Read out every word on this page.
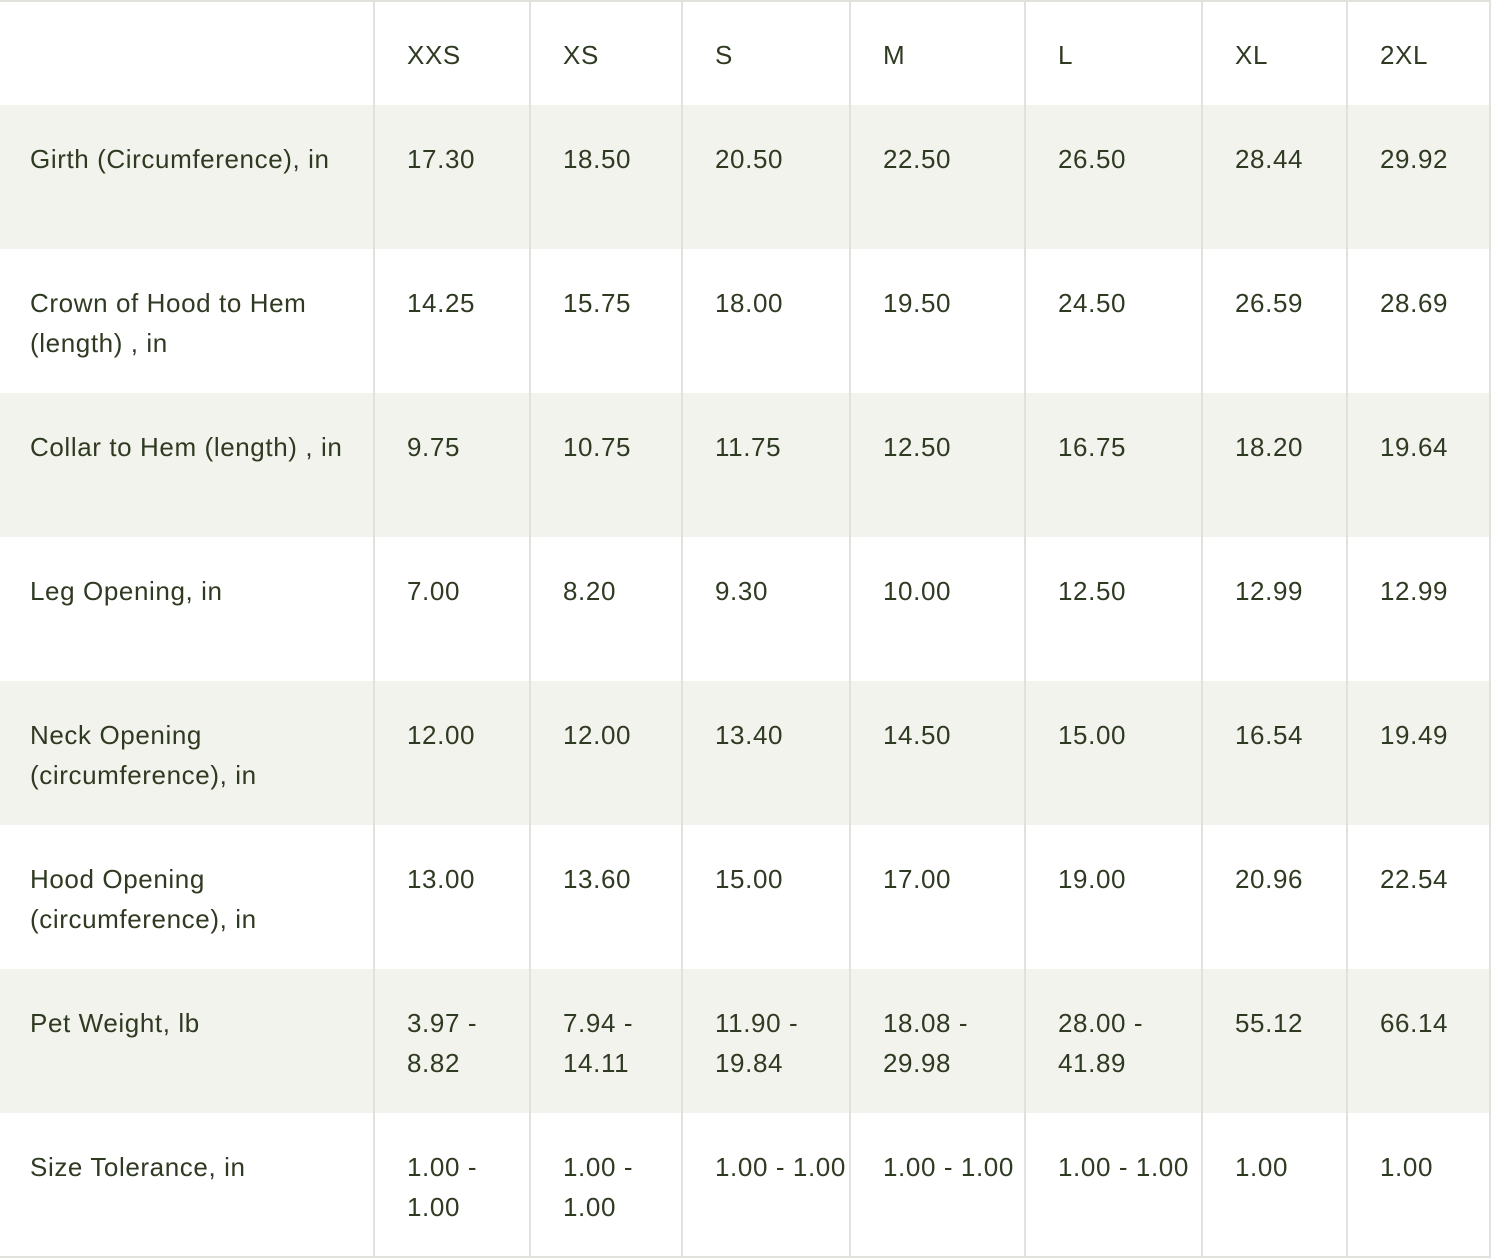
	XXS	XS	S	M	L	XL	2XL
Girth (Circumference), in	17.30	18.50	20.50	22.50	26.50	28.44	29.92
Crown of Hood to Hem (length) , in	14.25	15.75	18.00	19.50	24.50	26.59	28.69
Collar to Hem (length) , in	9.75	10.75	11.75	12.50	16.75	18.20	19.64
Leg Opening, in	7.00	8.20	9.30	10.00	12.50	12.99	12.99
Neck Opening (circumference), in	12.00	12.00	13.40	14.50	15.00	16.54	19.49
Hood Opening (circumference), in	13.00	13.60	15.00	17.00	19.00	20.96	22.54
Pet Weight, lb	3.97 - 8.82	7.94 - 14.11	11.90 - 19.84	18.08 - 29.98	28.00 - 41.89	55.12	66.14
Size Tolerance, in	1.00 - 1.00	1.00 - 1.00	1.00 - 1.00	1.00 - 1.00	1.00 - 1.00	1.00	1.00
